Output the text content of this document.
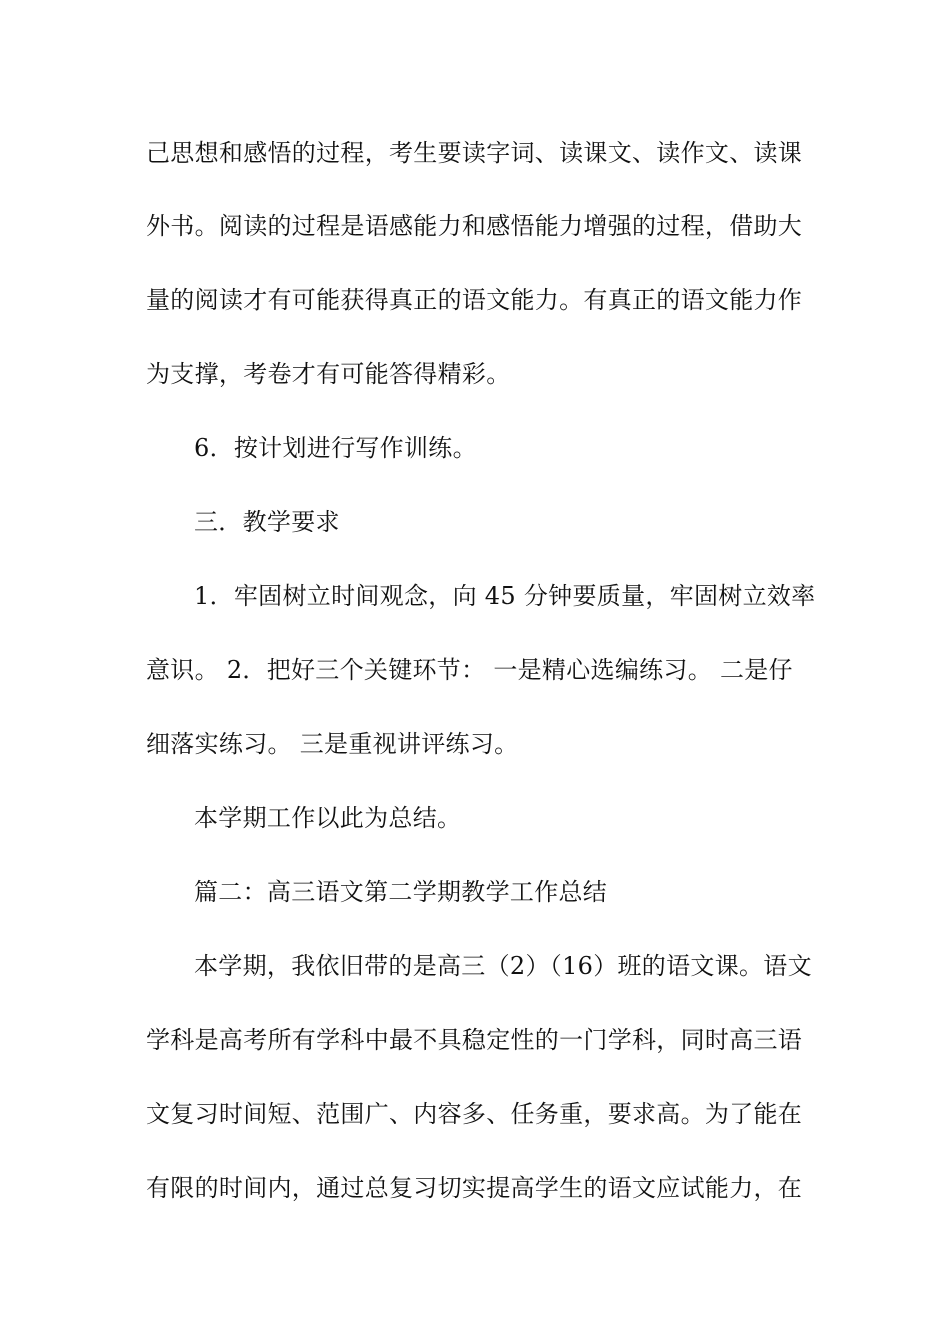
己思想和感悟的过程，考生要读字词、读课文、读作文、读课
外书。阅读的过程是语感能力和感悟能力增强的过程，借助大
量的阅读才有可能获得真正的语文能力。有真正的语文能力作
为支撑，考卷才有可能答得精彩。
6．按计划进行写作训练。
三．教学要求
1．牢固树立时间观念，向 45 分钟要质量，牢固树立效率
意识。 2．把好三个关键环节： 一是精心选编练习。 二是仔
细落实练习。 三是重视讲评练习。
本学期工作以此为总结。
篇二：高三语文第二学期教学工作总结
本学期，我依旧带的是高三（2）（16）班的语文课。语文
学科是高考所有学科中最不具稳定性的一门学科，同时高三语
文复习时间短、范围广、内容多、任务重，要求高。为了能在
有限的时间内，通过总复习切实提高学生的语文应试能力，在
